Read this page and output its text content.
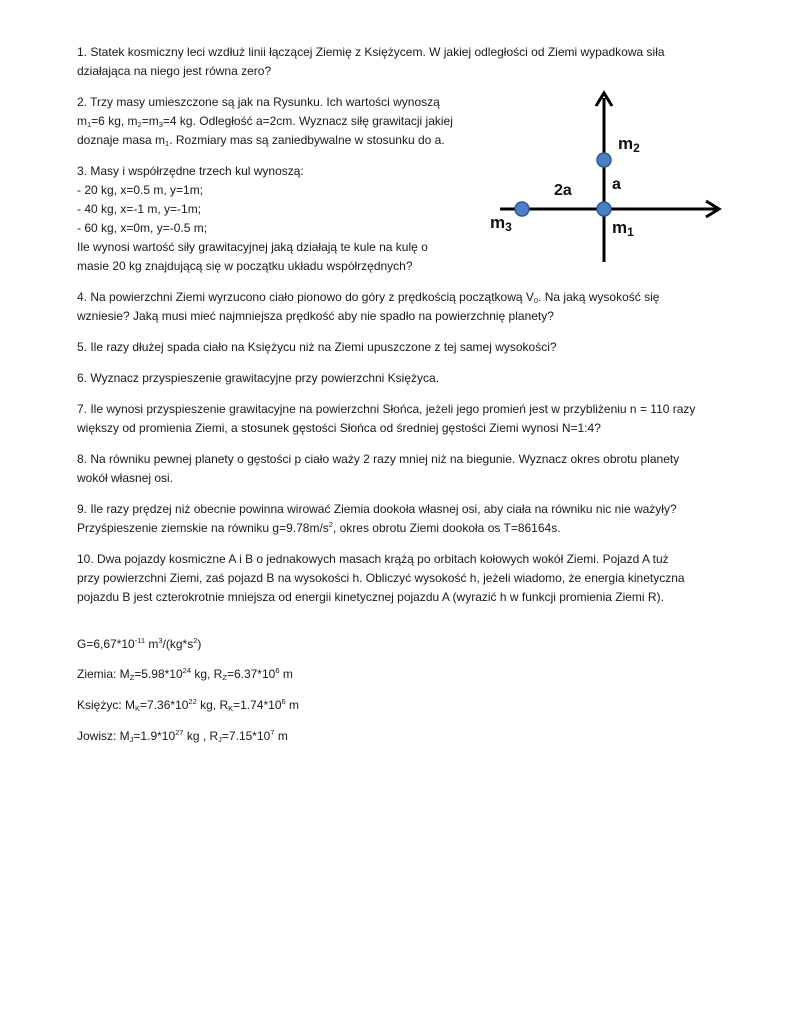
1. Statek kosmiczny leci wzdłuż linii łączącej Ziemię z Księżycem. W jakiej odległości od Ziemi wypadkowa siła

działająca na niego jest równa zero?

2. Trzy masy umieszczone są jak na Rysunku. Ich wartości wynoszą

$m_1=6$ kg, $m_2=m_3=4$ kg. Odległość a=2cm. Wyznacz siłę grawitacji jakiej

doznaje masa $m_1$. Rozmiary mas są zaniedbywalne w stosunku do a.

3. Masy i współrzędne trzech kul wynoszą:

- 20 kg, x=0.5 m, y=1m;

- 40 kg, x=-1 m, y=-1m;

- 60 kg, x=0m, y=-0.5 m;

Ile wynosi wartość siły grawitacyjnej jaką działają te kule na kulę o

masie 20 kg znajdującą się w początku układu współrzędnych?

4. Na powierzchni Ziemi wyrzucono ciało pionowo do góry z prędkością początkową $V_0$. Na jaką wysokość się

wzniesie? Jaką musi mieć najmniejsza prędkość aby nie spadło na powierzchnię planety?

5. Ile razy dłużej spada ciało na Księżycu niż na Ziemi upuszczone z tej samej wysokości?

6. Wyznacz przyspieszenie grawitacyjne przy powierzchni Księżyca.

7. Ile wynosi przyspieszenie grawitacyjne na powierzchni Słońca, jeżeli jego promień jest w przybliżeniu n = 110 razy

większy od promienia Ziemi, a stosunek gęstości Słońca od średniej gęstości Ziemi wynosi N=1:4?

8. Na równiku pewnej planety o gęstości p ciało waży 2 razy mniej niż na biegunie. Wyznacz okres obrotu planety

wokół własnej osi.

9. Ile razy prędzej niż obecnie powinna wirować Ziemia dookoła własnej osi, aby ciała na równiku nic nie ważyły?

Przyśpieszenie ziemskie na równiku $g=9.78m/s^2$, okres obrotu Ziemi dookoła os T=86164s.

10. Dwa pojazdy kosmiczne A i B o jednakowych masach krążą po orbitach kołowych wokół Ziemi. Pojazd A tuż

przy powierzchni Ziemi, zaś pojazd B na wysokości h. Obliczyć wysokość h, jeżeli wiadomo, że energia kinetyczna

pojazdu B jest czterokrotnie mniejsza od energii kinetycznej pojazdu A (wyrazić h w funkcji promienia Ziemi R).

$G=6,67*10^{-11}$ $m^3/(kg*s^2)$

Ziemia: $M_Z=5.98*10^{24}$ kg, $R_Z=6.37*10^6$ m

Księżyc: $M_K=7.36*10^{22}$ kg, $R_K=1.74*10^6$ m

Jowisz: $M_J=1.9*10^{27}$ kg , $R_J=7.15*10^7$ m

m2
a
2a
m3	m1
